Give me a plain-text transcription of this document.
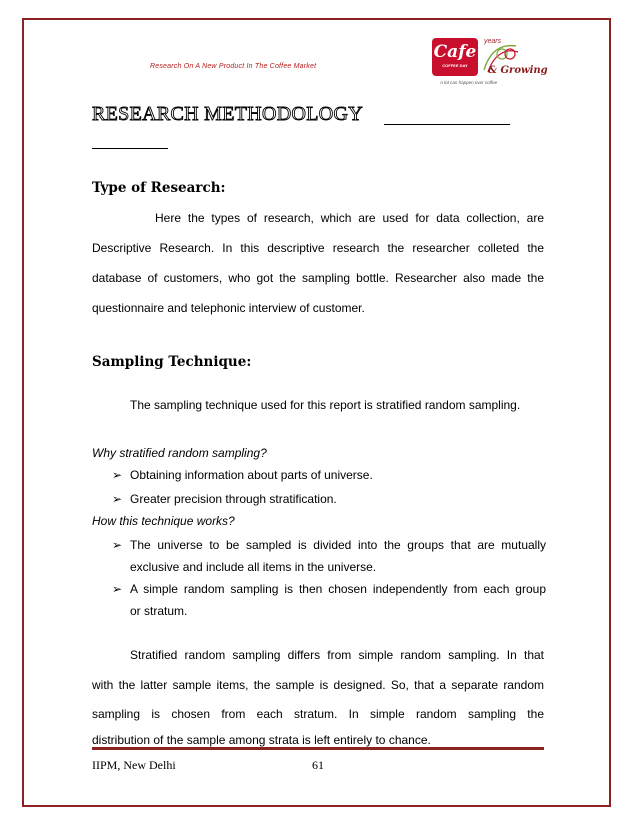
Research On A New Product In The Coffee Market
Cafe
COFFEE DAY
years
& Growing
A lot can happen over coffee
RESEARCH METHODOLOGY
Type of Research:
Here the types of research, which are used for data collection, are
Descriptive Research. In this descriptive research the researcher colleted the
database of customers, who got the sampling bottle. Researcher also made the
questionnaire and telephonic interview of customer.
Sampling Technique:
The sampling technique used for this report is stratified random sampling.
Why stratified random sampling?
➢ Obtaining information about parts of universe.
➢ Greater precision through stratification.
How this technique works?
➢ The universe to be sampled is divided into the groups that are mutually
exclusive and include all items in the universe.
➢ A simple random sampling is then chosen independently from each group
or stratum.
Stratified random sampling differs from simple random sampling. In that
with the latter sample items, the sample is designed. So, that a separate random
sampling is chosen from each stratum. In simple random sampling the
distribution of the sample among strata is left entirely to chance.
IIPM, New Delhi	61
